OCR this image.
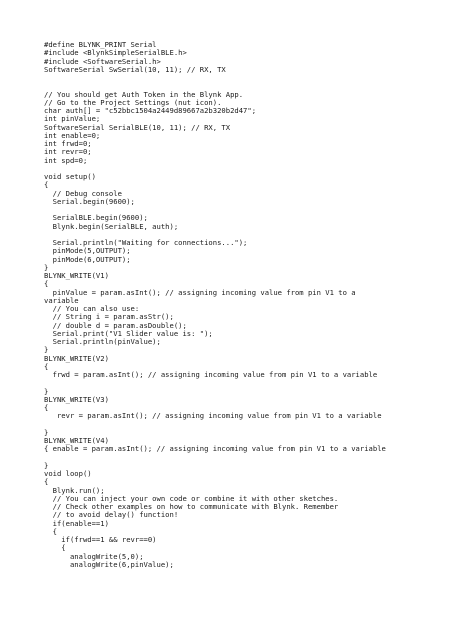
#define BLYNK_PRINT Serial
#include <BlynkSimpleSerialBLE.h>
#include <SoftwareSerial.h>
SoftwareSerial SwSerial(10, 11); // RX, TX
// You should get Auth Token in the Blynk App.
// Go to the Project Settings (nut icon).
char auth[] = "c52bbc1504a2449d89667a2b320b2d47";
int pinValue;
SoftwareSerial SerialBLE(10, 11); // RX, TX
int enable=0;
int frwd=0;
int revr=0;
int spd=0;
void setup()
{
// Debug console
Serial.begin(9600);
SerialBLE.begin(9600);
Blynk.begin(SerialBLE, auth);
Serial.println("Waiting for connections...");
pinMode(5,OUTPUT);
pinMode(6,OUTPUT);
}
BLYNK_WRITE(V1)
{
pinValue = param.asInt(); // assigning incoming value from pin V1 to a
variable
// You can also use:
// String i = param.asStr();
// double d = param.asDouble();
Serial.print("V1 Slider value is: ");
Serial.println(pinValue);
}
BLYNK_WRITE(V2)
{
frwd = param.asInt(); // assigning incoming value from pin V1 to a variable
}
BLYNK_WRITE(V3)
{
revr = param.asInt(); // assigning incoming value from pin V1 to a variable
}
BLYNK_WRITE(V4)
{ enable = param.asInt(); // assigning incoming value from pin V1 to a variable
}
void loop()
{
Blynk.run();
// You can inject your own code or combine it with other sketches.
// Check other examples on how to communicate with Blynk. Remember
// to avoid delay() function!
if(enable==1)
{
if(frwd==1 && revr==0)
{
analogWrite(5,0);
analogWrite(6,pinValue);
